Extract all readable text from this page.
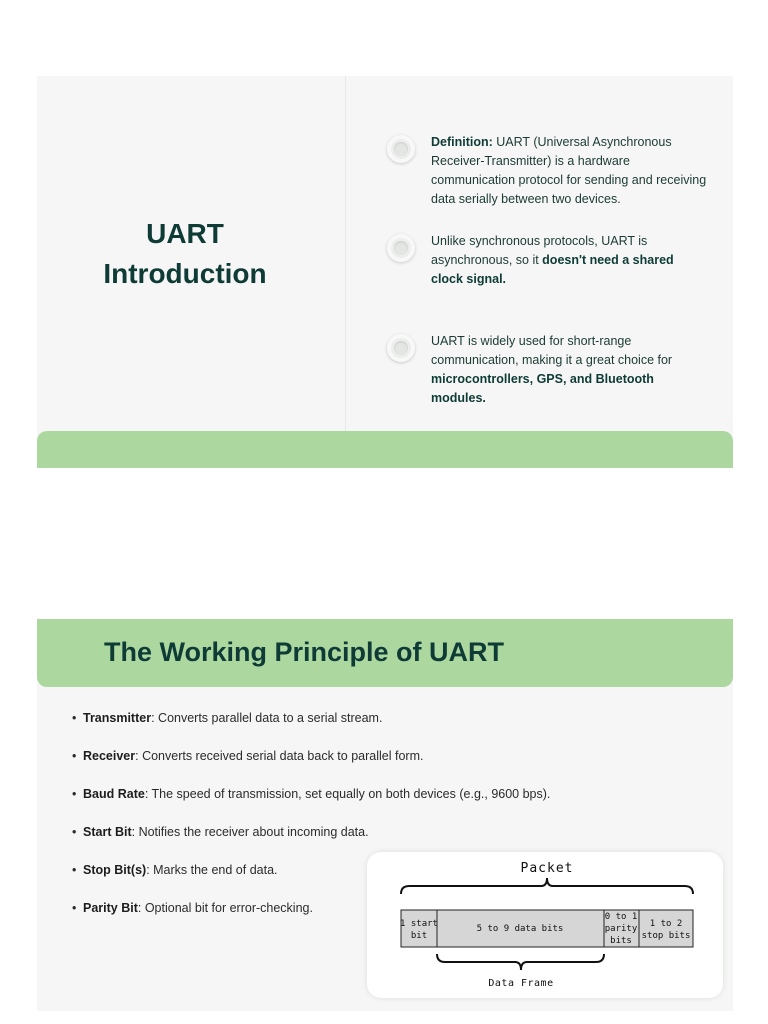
UART
Introduction
Definition: UART (Universal Asynchronous Receiver-Transmitter) is a hardware communication protocol for sending and receiving data serially between two devices.
Unlike synchronous protocols, UART is asynchronous, so it doesn't need a shared clock signal.
UART is widely used for short-range communication, making it a great choice for microcontrollers, GPS, and Bluetooth modules.
The Working Principle of UART
• Transmitter: Converts parallel data to a serial stream.
• Receiver: Converts received serial data back to parallel form.
• Baud Rate: The speed of transmission, set equally on both devices (e.g., 9600 bps).
• Start Bit: Notifies the receiver about incoming data.
• Stop Bit(s): Marks the end of data.
• Parity Bit: Optional bit for error-checking.
Packet
1 start
bit
5 to 9 data bits
0 to 1
parity
bits
1 to 2
stop bits
Data Frame
